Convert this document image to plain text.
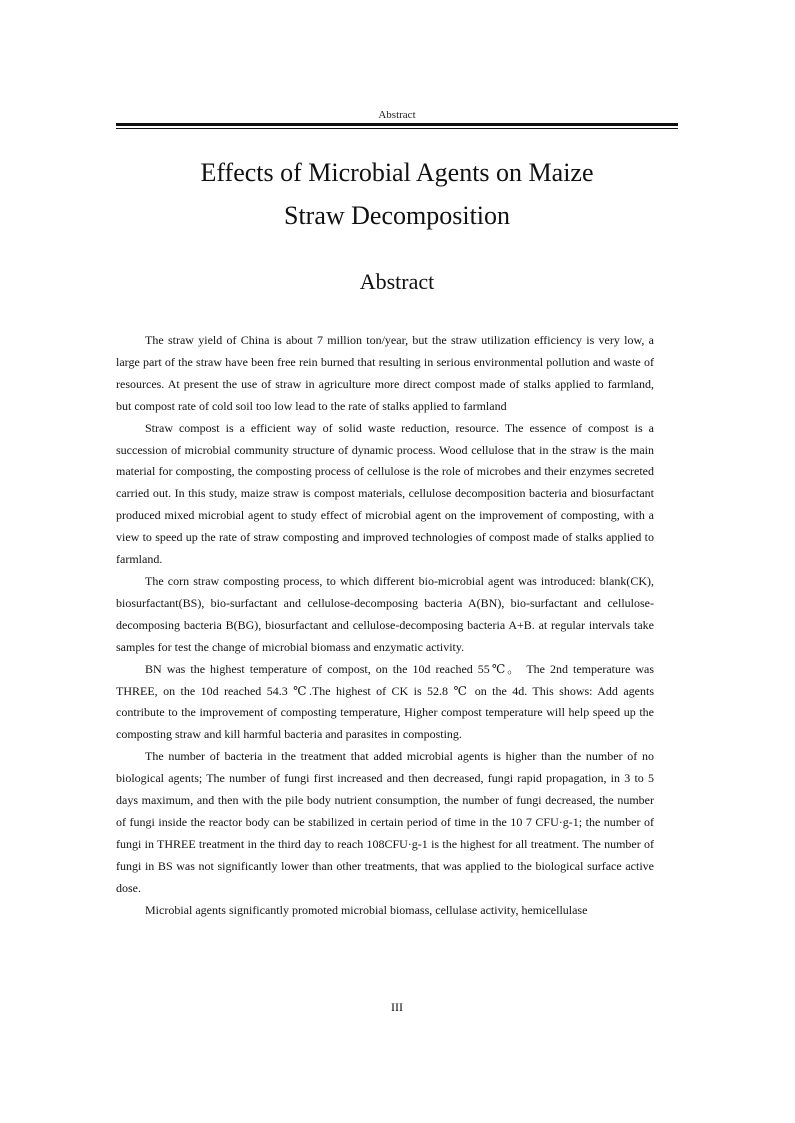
Abstract
Effects of Microbial Agents on Maize
Straw Decomposition
Abstract

The straw yield of China is about 7 million ton/year, but the straw utilization efficiency is very low, a large part of the straw have been free rein burned that resulting in serious environmental pollution and waste of resources. At present the use of straw in agriculture more direct compost made of stalks applied to farmland, but compost rate of cold soil too low lead to the rate of stalks applied to farmland

Straw compost is a efficient way of solid waste reduction, resource. The essence of compost is a succession of microbial community structure of dynamic process. Wood cellulose that in the straw is the main material for composting, the composting process of cellulose is the role of microbes and their enzymes secreted carried out. In this study, maize straw is compost materials, cellulose decomposition bacteria and biosurfactant produced mixed microbial agent to study effect of microbial agent on the improvement of composting, with a view to speed up the rate of straw composting and improved technologies of compost made of stalks applied to farmland.

The corn straw composting process, to which different bio-microbial agent was introduced: blank(CK), biosurfactant(BS), bio-surfactant and cellulose-decomposing bacteria A(BN), bio-surfactant and cellulose-decomposing bacteria B(BG), biosurfactant and cellulose-decomposing bacteria A+B. at regular intervals take samples for test the change of microbial biomass and enzymatic activity.

BN was the highest temperature of compost, on the 10d reached 55℃。 The 2nd temperature was THREE, on the 10d reached 54.3 ℃.The highest of CK is 52.8 ℃ on the 4d. This shows: Add agents contribute to the improvement of composting temperature, Higher compost temperature will help speed up the composting straw and kill harmful bacteria and parasites in composting.

The number of bacteria in the treatment that added microbial agents is higher than the number of no biological agents; The number of fungi first increased and then decreased, fungi rapid propagation, in 3 to 5 days maximum, and then with the pile body nutrient consumption, the number of fungi decreased, the number of fungi inside the reactor body can be stabilized in certain period of time in the 10 7 CFU·g-1; the number of fungi in THREE treatment in the third day to reach 108CFU·g-1 is the highest for all treatment. The number of fungi in BS was not significantly lower than other treatments, that was applied to the biological surface active dose.

Microbial agents significantly promoted microbial biomass, cellulase activity, hemicellulase

III
